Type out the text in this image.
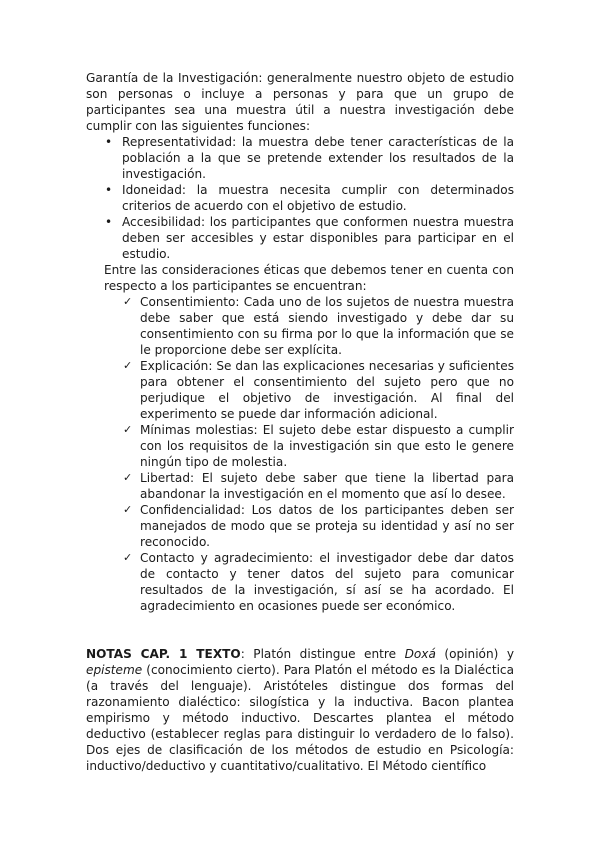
Garantía de la Investigación: generalmente nuestro objeto de estudio son personas o incluye a personas y para que un grupo de participantes sea una muestra útil a nuestra investigación debe cumplir con las siguientes funciones:

• Representatividad: la muestra debe tener características de la población a la que se pretende extender los resultados de la investigación.
• Idoneidad: la muestra necesita cumplir con determinados criterios de acuerdo con el objetivo de estudio.
• Accesibilidad: los participantes que conformen nuestra muestra deben ser accesibles y estar disponibles para participar en el estudio.

Entre las consideraciones éticas que debemos tener en cuenta con respecto a los participantes se encuentran:

✓ Consentimiento: Cada uno de los sujetos de nuestra muestra debe saber que está siendo investigado y debe dar su consentimiento con su firma por lo que la información que se le proporcione debe ser explícita.
✓ Explicación: Se dan las explicaciones necesarias y suficientes para obtener el consentimiento del sujeto pero que no perjudique el objetivo de investigación. Al final del experimento se puede dar información adicional.
✓ Mínimas molestias: El sujeto debe estar dispuesto a cumplir con los requisitos de la investigación sin que esto le genere ningún tipo de molestia.
✓ Libertad: El sujeto debe saber que tiene la libertad para abandonar la investigación en el momento que así lo desee.
✓ Confidencialidad: Los datos de los participantes deben ser manejados de modo que se proteja su identidad y así no ser reconocido.
✓ Contacto y agradecimiento: el investigador debe dar datos de contacto y tener datos del sujeto para comunicar resultados de la investigación, sí así se ha acordado. El agradecimiento en ocasiones puede ser económico.

NOTAS CAP. 1 TEXTO: Platón distingue entre Doxá (opinión) y episteme (conocimiento cierto). Para Platón el método es la Dialéctica (a través del lenguaje). Aristóteles distingue dos formas del razonamiento dialéctico: silogística y la inductiva. Bacon plantea empirismo y método inductivo. Descartes plantea el método deductivo (establecer reglas para distinguir lo verdadero de lo falso). Dos ejes de clasificación de los métodos de estudio en Psicología: inductivo/deductivo y cuantitativo/cualitativo. El Método científico
